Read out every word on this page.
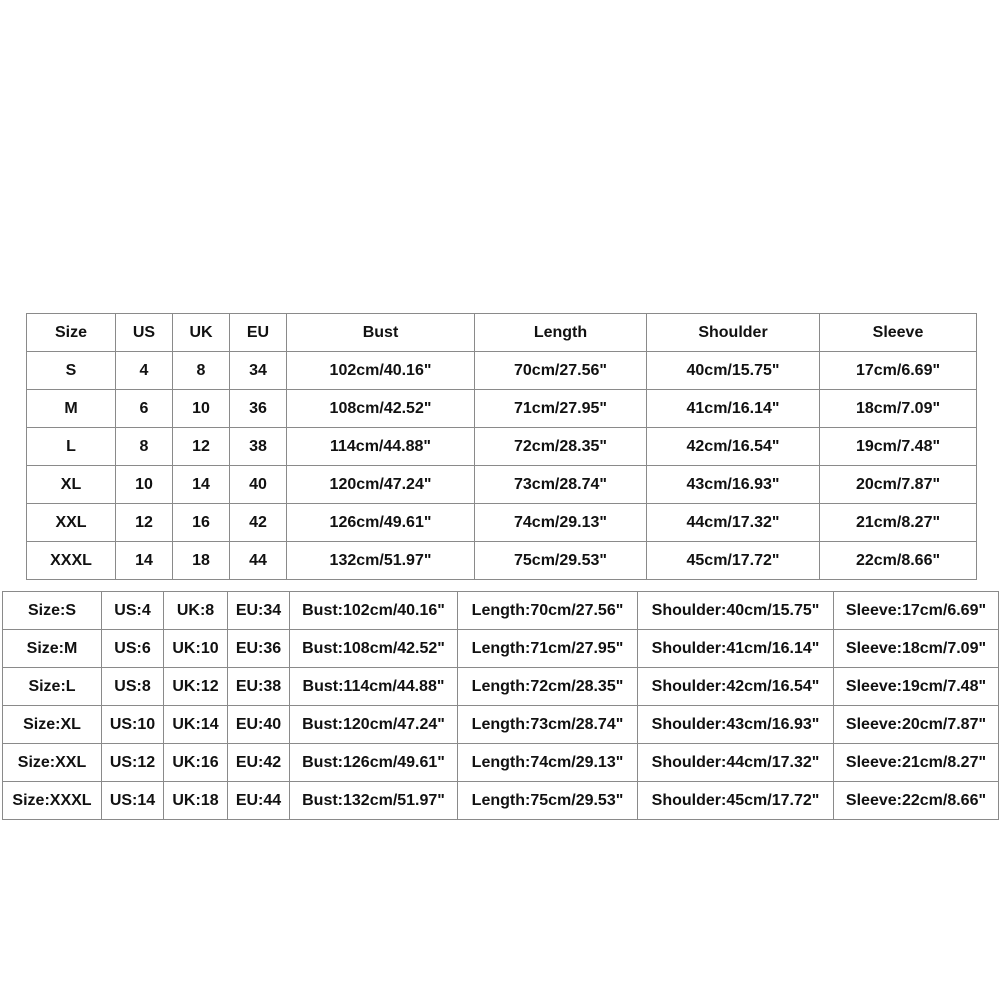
Size	US	UK	EU	Bust	Length	Shoulder	Sleeve
S	4	8	34	102cm/40.16"	70cm/27.56"	40cm/15.75"	17cm/6.69"
M	6	10	36	108cm/42.52"	71cm/27.95"	41cm/16.14"	18cm/7.09"
L	8	12	38	114cm/44.88"	72cm/28.35"	42cm/16.54"	19cm/7.48"
XL	10	14	40	120cm/47.24"	73cm/28.74"	43cm/16.93"	20cm/7.87"
XXL	12	16	42	126cm/49.61"	74cm/29.13"	44cm/17.32"	21cm/8.27"
XXXL	14	18	44	132cm/51.97"	75cm/29.53"	45cm/17.72"	22cm/8.66"
Size:S	US:4	UK:8	EU:34	Bust:102cm/40.16"	Length:70cm/27.56"	Shoulder:40cm/15.75"	Sleeve:17cm/6.69"
Size:M	US:6	UK:10	EU:36	Bust:108cm/42.52"	Length:71cm/27.95"	Shoulder:41cm/16.14"	Sleeve:18cm/7.09"
Size:L	US:8	UK:12	EU:38	Bust:114cm/44.88"	Length:72cm/28.35"	Shoulder:42cm/16.54"	Sleeve:19cm/7.48"
Size:XL	US:10	UK:14	EU:40	Bust:120cm/47.24"	Length:73cm/28.74"	Shoulder:43cm/16.93"	Sleeve:20cm/7.87"
Size:XXL	US:12	UK:16	EU:42	Bust:126cm/49.61"	Length:74cm/29.13"	Shoulder:44cm/17.32"	Sleeve:21cm/8.27"
Size:XXXL	US:14	UK:18	EU:44	Bust:132cm/51.97"	Length:75cm/29.53"	Shoulder:45cm/17.72"	Sleeve:22cm/8.66"
